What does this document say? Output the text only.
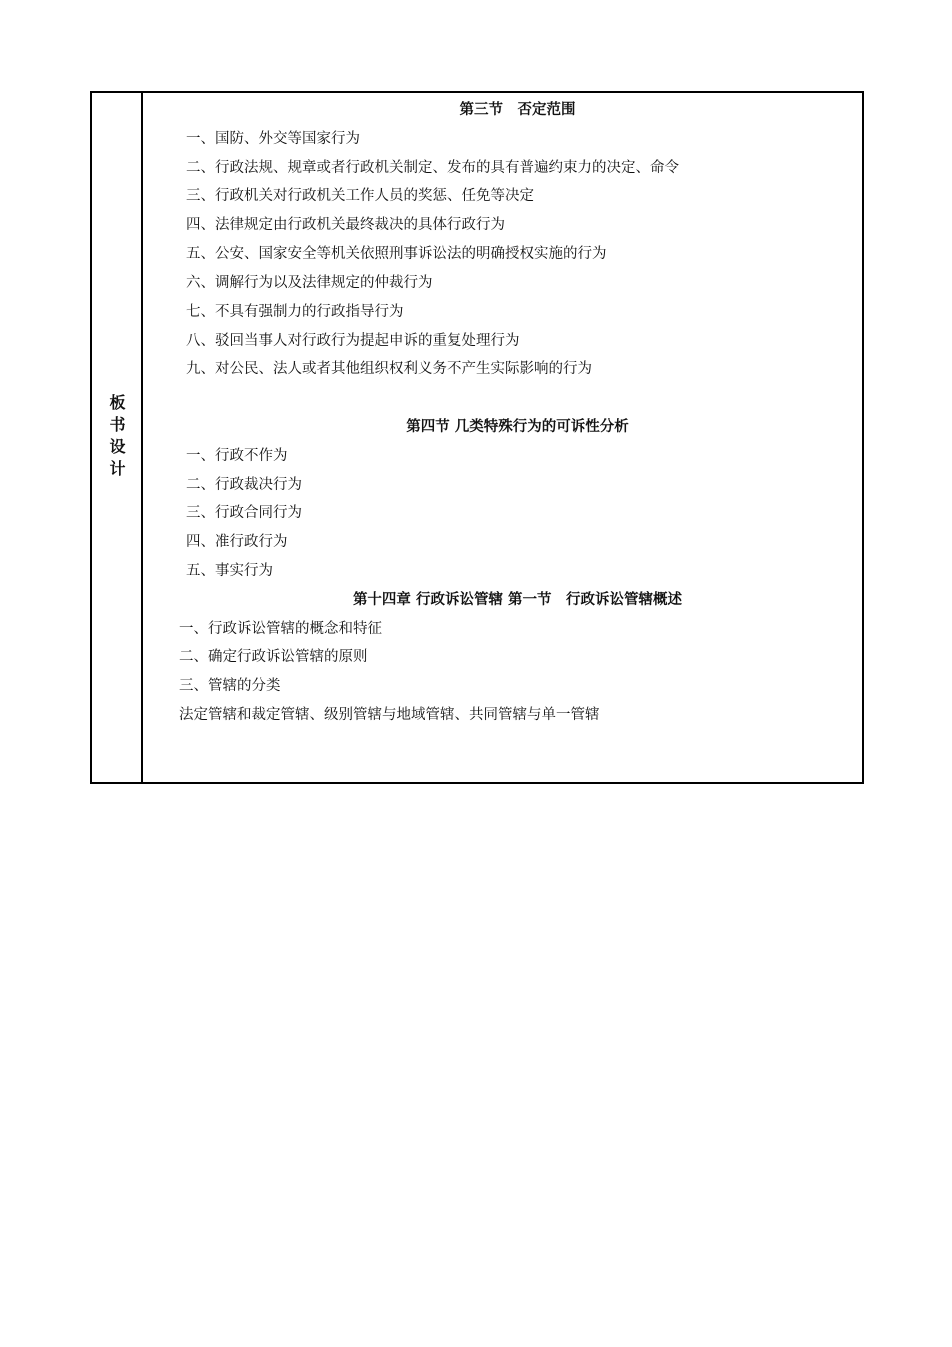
板书设计
第三节　否定范围
一、国防、外交等国家行为
二、行政法规、规章或者行政机关制定、发布的具有普遍约束力的决定、命令
三、行政机关对行政机关工作人员的奖惩、任免等决定
四、法律规定由行政机关最终裁决的具体行政行为
五、公安、国家安全等机关依照刑事诉讼法的明确授权实施的行为
六、调解行为以及法律规定的仲裁行为
七、不具有强制力的行政指导行为
八、驳回当事人对行政行为提起申诉的重复处理行为
九、对公民、法人或者其他组织权利义务不产生实际影响的行为
第四节 几类特殊行为的可诉性分析
一、行政不作为
二、行政裁决行为
三、行政合同行为
四、准行政行为
五、事实行为
第十四章 行政诉讼管辖 第一节　行政诉讼管辖概述
一、行政诉讼管辖的概念和特征
二、确定行政诉讼管辖的原则
三、管辖的分类
法定管辖和裁定管辖、级别管辖与地域管辖、共同管辖与单一管辖
